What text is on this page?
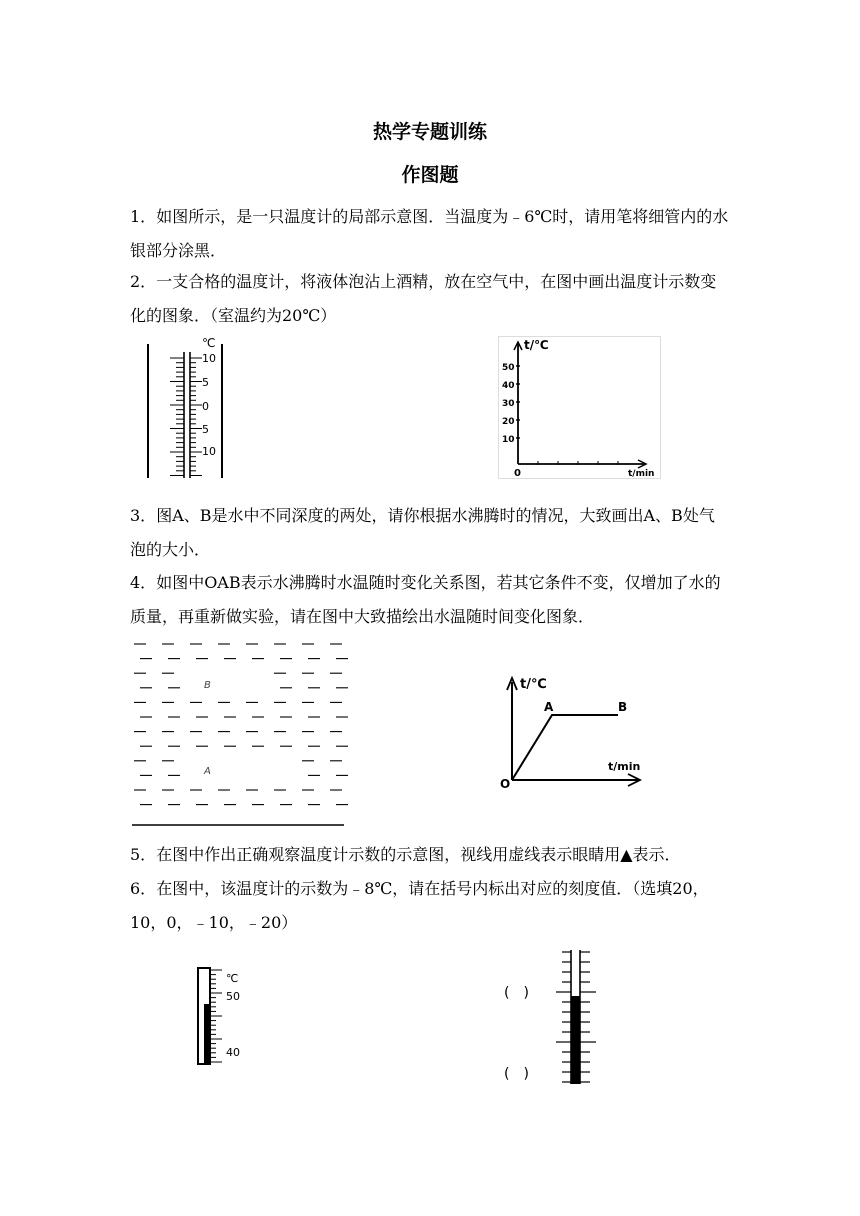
热学专题训练
作图题
1．如图所示，是一只温度计的局部示意图．当温度为﹣6℃时，请用笔将细管内的水银部分涂黑．
2．一支合格的温度计，将液体泡沾上酒精，放在空气中，在图中画出温度计示数变化的图象．（室温约为20℃）
℃
10
5
0
5
10
t/℃
t/min
0
50
40
30
20
10
3．图A、B是水中不同深度的两处，请你根据水沸腾时的情况，大致画出A、B处气泡的大小．
4．如图中OAB表示水沸腾时水温随时变化关系图，若其它条件不变，仅增加了水的质量，再重新做实验，请在图中大致描绘出水温随时间变化图象．
B
A
t/℃
t/min
O
A	B
5．在图中作出正确观察温度计示数的示意图，视线用虚线表示眼睛用▲表示．
6．在图中，该温度计的示数为﹣8℃，请在括号内标出对应的刻度值．（选填20，10，0，﹣10，﹣20）
℃
50
40
(　)
(　)
